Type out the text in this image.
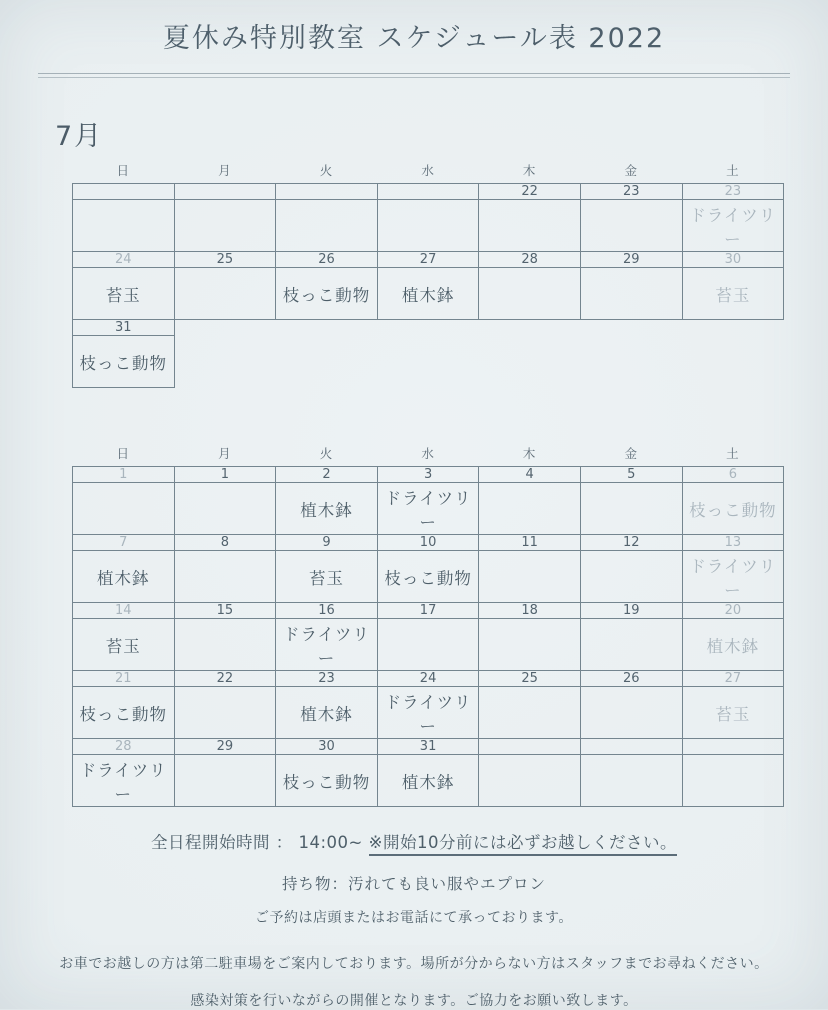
夏休み特別教室 スケジュール表 2022
7月
日	月	火	水	木	金	土
				22	23	23
						ドライツリー
24	25	26	27	28	29	30
苔玉		枝っこ動物	植木鉢			苔玉
31						
枝っこ動物						
日	月	火	水	木	金	土
1	1	2	3	4	5	6
		植木鉢	ドライツリー			枝っこ動物
7	8	9	10	11	12	13
植木鉢		苔玉	枝っこ動物			ドライツリー
14	15	16	17	18	19	20
苔玉		ドライツリー				植木鉢
21	22	23	24	25	26	27
枝っこ動物		植木鉢	ドライツリー			苔玉
28	29	30	31			
ドライツリー		枝っこ動物	植木鉢			

全日程開始時間 ： 14:00~ ※開始10分前には必ずお越しください。

持ち物：汚れても良い服やエプロン

ご予約は店頭またはお電話にて承っております。

お車でお越しの方は第二駐車場をご案内しております。場所が分からない方はスタッフまでお尋ねください。

感染対策を行いながらの開催となります。ご協力をお願い致します。
